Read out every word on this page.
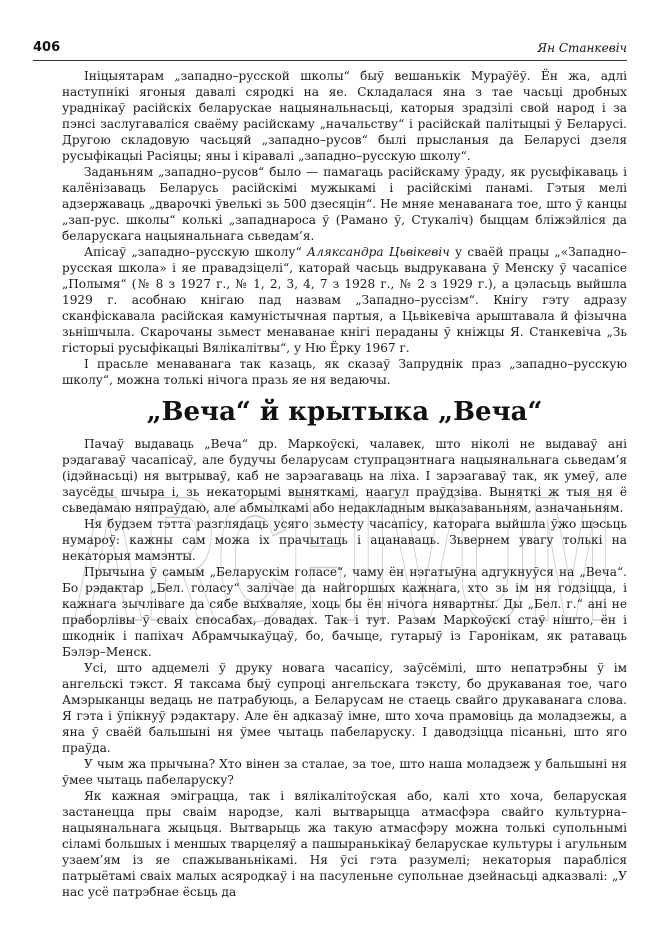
ARCHIVUM
406	Ян Станкевіч

Ініцыятарам „западно–русской школы“ быў вешанькік Мураўёў. Ён жа, адлі наступнікі ягоныя давалі сяродкі на яе. Складалася яна з тае часьці дробных ураднікаў расійскіх беларускае нацыянальнасьці, каторыя зрадзілі свой народ і за пэнсі заслугаваліся сваёму расійскаму „начальству“ і расійскай палітыцыі ў Беларусі. Другою складовую часьцяй „западно–русов“ былі прысланыя да Беларусі дзеля русыфікацыі Расіяцы; яны і кіравалі „западно–русскую школу“.

Заданьням „западно–русов“ было — памагаць расійскаму ўраду, як русыфікаваць і калёнізаваць Беларусь расійскімі мужыкамі і расійскімі панамі. Гэтыя мелі адзержаваць „дварочкі ўвелькі зь 500 дзесяцін“. Не мняе менаванага тое, што ў канцы „зап-рус. школы“ колькі „западнароса ў (Рамано ў, Стукаліч) быццам бліжэйліся да беларускага нацыянальнага сьведам’я.

Апісаў „западно–русскую школу“ Аляксандра Цьвікевіч у сваёй працы „«Западно–русская школа» і яе правадзіцелі“, каторай часьць выдрукавана ў Менску ў часапісе „Полымя“ (№ 8 з 1927 г., № 1, 2, 3, 4, 7 з 1928 г., № 2 з 1929 г.), а цэласьць выйшла 1929 г. асобнаю кнігаю пад назвам „Западно–руссізм“. Кнігу гэту адразу сканфіскавала расійская камуністычная партыя, а Цьвікевіча арыштавала й фізычна зьнішчыла. Скарочаны зьмест менаванае кнігі пераданы ў кніжцы Я. Станкевіча „Зь гісторыі русыфікацыі Вялікалітвы“, у Ню Ёрку 1967 г.

І прасьле менаванага так казаць, як сказаў Запруднік праз „западно–русскую школу“, можна толькі нічога празь яе ня ведаючы.

„Веча“ й крытыка „Веча“

Пачаў выдаваць „Веча“ др. Маркоўскі, чалавек, што ніколі не выдаваў ані рэдагаваў часапісаў, але будучы беларусам ступрацэнтнага нацыянальнага сьведам’я (ідэйнасьці) ня вытрываў, каб не зарэагаваць на ліха. І зарэагаваў так, як умеў, але заусёды шчыра і, зь некаторымі выняткамі, наагул праўдзіва. Выняткі ж тыя ня ё сьведамаю няпраўдаю, але абмылкамі або недакладным выказаваньням, азначаньням.

Ня будзем тэтта разглядаць усяго зьместу часапісу, каторага выйшла ўжо шэсьць нумароў: кажны сам можа іх прачытаць і ацанаваць. Зьвернем увагу толькі на некаторыя мамэнты.

Прычына ў самым „Беларускім голасе“, чаму ён нэгатыўна адгукнуўся на „Веча“. Бо рэдактар „Бел. голасу“ залічае да найгоршых кажнага, хто зь ім ня годзіцца, і кажнага зычліваге да сябе выхваляе, хоць бы ён нічога нявартны. Ды „Бел. г.“ ані не праборлівы ў сваіх спосабах, довадах. Так і тут. Разам Маркоўскі стаў нішто, ён і шкоднік і папіхач Абрамчыкаўцаў, бо, бачыце, гутарыў із Гаронікам, як ратаваць Бэлэр–Менск.

Усі, што адцемелі ў друку новага часапісу, заўсёмілі, што непатрэбны ў ім ангельскі тэкст. Я таксама быў супроці ангельскага тэксту, бо друкаваная тое, чаго Амэрыканцы ведаць не патрабуюць, а Беларусам не стаець свайго друкаванага слова. Я гэта і ўпікнуў рэдактару. Але ён адказаў імне, што хоча прамовіць да моладзежы, а яна ў сваёй бальшыні ня ўмее чытаць пабеларуску. І даводзіцца пісаньні, што яго праўда.

У чым жа прычына? Хто вінен за сталае, за тое, што наша моладзеж у бальшыні ня ўмее чытаць пабеларуску?

Як кажная эміграцца, так і вялікалітоўская або, калі хто хоча, беларуская застанецца пры сваім народзе, калі вытварыцца атмасфэра свайго культурна–нацыянальнага жыцьця. Вытварыць жа такую атмасфэру можна толькі супольнымі сіламі большых і меншых тварцеляў а пашыранькікаў беларускае культуры і агульным узаем’ям із яе спажываньнікамі. Ня ўсі гэта разумелі; некаторыя парабліся патрыётамі сваіх малых асяродкаў і на пасуленьне супольнае дзейнасьці адказвалі: „У нас усё патрэбнае ёсьць да
